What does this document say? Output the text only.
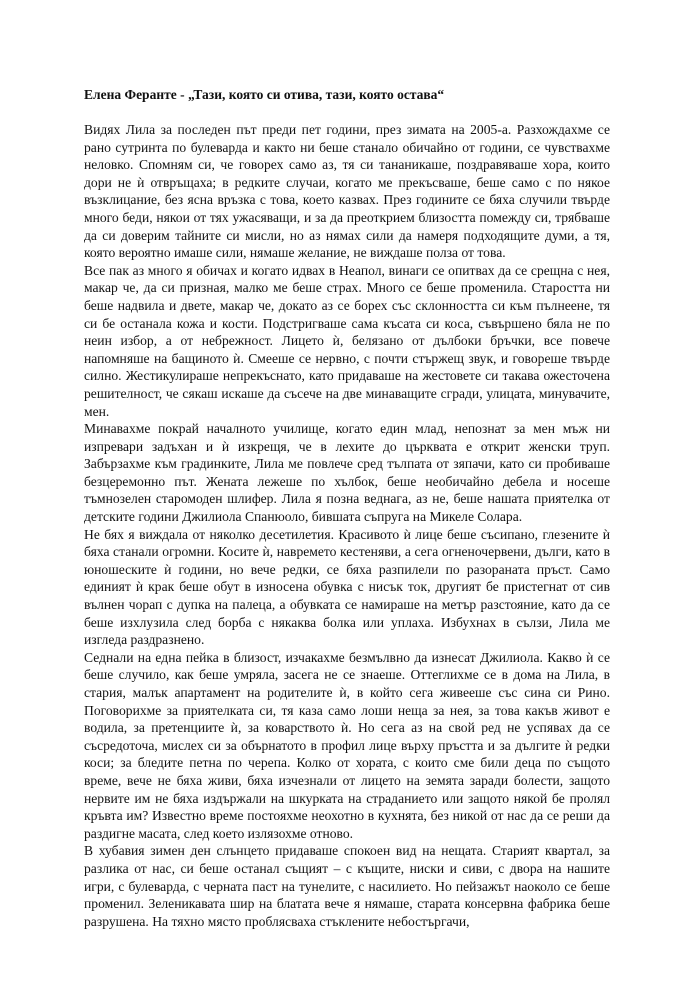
Елена Феранте - „Тази, която си отива, тази, която остава“

Видях Лила за последен път преди пет години, през зимата на 2005-а. Разхождахме се рано сутринта по булеварда и както ни беше станало обичайно от години, се чувствахме неловко. Спомням си, че говорех само аз, тя си тананикаше, поздравяваше хора, които дори не ѝ отвръщаха; в редките случаи, когато ме прекъсваше, беше само с по някое възклицание, без ясна връзка с това, което казвах. През годините се бяха случили твърде много беди, някои от тях ужасяващи, и за да преоткрием близостта помежду си, трябваше да си доверим тайните си мисли, но аз нямах сили да намеря подходящите думи, а тя, която вероятно имаше сили, нямаше желание, не виждаше полза от това.

Все пак аз много я обичах и когато идвах в Неапол, винаги се опитвах да се срещна с нея, макар че, да си призная, малко ме беше страх. Много се беше променила. Старостта ни беше надвила и двете, макар че, докато аз се борех със склонността си към пълнеене, тя си бе останала кожа и кости. Подстригваше сама късата си коса, съвършено бяла не по неин избор, а от небрежност. Лицето ѝ, белязано от дълбоки бръчки, все повече напомняше на бащиното ѝ. Смееше се нервно, с почти стържещ звук, и говореше твърде силно. Жестикулираше непрекъснато, като придаваше на жестовете си такава ожесточена решителност, че сякаш искаше да съсече на две минаващите сгради, улицата, минувачите, мен.

Минавахме покрай началното училище, когато един млад, непознат за мен мъж ни изпревари задъхан и ѝ изкрещя, че в лехите до църквата е открит женски труп. Забързахме към градинките, Лила ме повлече сред тълпата от зяпачи, като си пробиваше безцеремонно път. Жената лежеше по хълбок, беше необичайно дебела и носеше тъмнозелен старомоден шлифер. Лила я позна веднага, аз не, беше нашата приятелка от детските години Джилиола Спанюоло, бившата съпруга на Микеле Солара.

Не бях я виждала от няколко десетилетия. Красивото ѝ лице беше съсипано, глезените ѝ бяха станали огромни. Косите ѝ, навремето кестеняви, а сега огненочервени, дълги, като в юношеските ѝ години, но вече редки, се бяха разпилели по разораната пръст. Само единият ѝ крак беше обут в износена обувка с нисък ток, другият бе пристегнат от сив вълнен чорап с дупка на палеца, а обувката се намираше на метър разстояние, като да се беше изхлузила след борба с някаква болка или уплаха. Избухнах в сълзи, Лила ме изгледа раздразнено.

Седнали на една пейка в близост, изчакахме безмълвно да изнесат Джилиола. Какво ѝ се беше случило, как беше умряла, засега не се знаеше. Оттеглихме се в дома на Лила, в стария, малък апартамент на родителите ѝ, в който сега живееше със сина си Рино. Поговорихме за приятелката си, тя каза само лоши неща за нея, за това какъв живот е водила, за претенциите ѝ, за коварството ѝ. Но сега аз на свой ред не успявах да се съсредоточа, мислех си за обърнатото в профил лице върху пръстта и за дългите ѝ редки коси; за бледите петна по черепа. Колко от хората, с които сме били деца по същото време, вече не бяха живи, бяха изчезнали от лицето на земята заради болести, защото нервите им не бяха издържали на шкурката на страданието или защото някой бе пролял кръвта им? Известно време постояхме неохотно в кухнята, без никой от нас да се реши да раздигне масата, след което излязохме отново.

В хубавия зимен ден слънцето придаваше спокоен вид на нещата. Старият квартал, за разлика от нас, си беше останал същият – с къщите, ниски и сиви, с двора на нашите игри, с булеварда, с черната паст на тунелите, с насилието. Но пейзажът наоколо се беше променил. Зеленикавата шир на блатата вече я нямаше, старата консервна фабрика беше разрушена. На тяхно място проблясваха стъклените небостъргачи,
